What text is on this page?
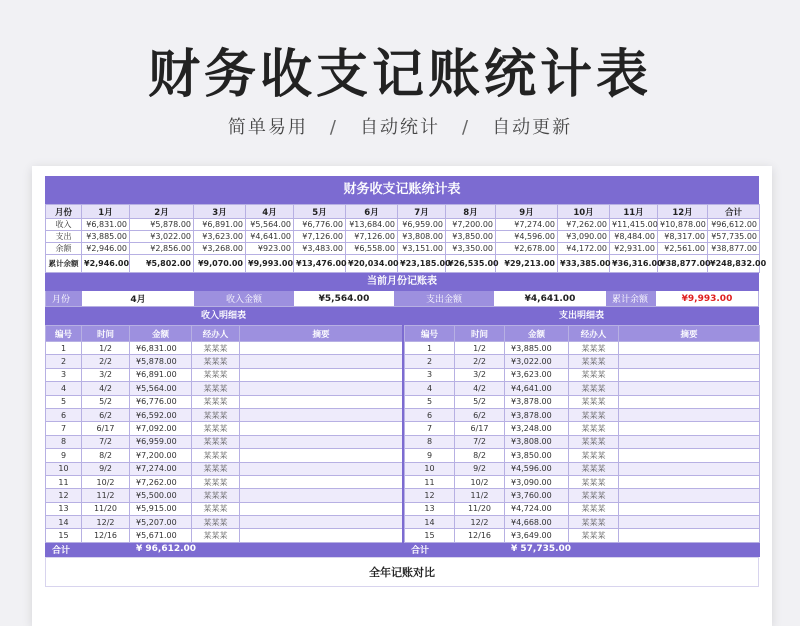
财务收支记账统计表
简单易用 / 自动统计 / 自动更新
财务收支记账统计表
月份	1月	2月	3月	4月	5月	6月	7月	8月	9月	10月	11月	12月	合计
收入	¥6,831.00	¥5,878.00	¥6,891.00	¥5,564.00	¥6,776.00	¥13,684.00	¥6,959.00	¥7,200.00	¥7,274.00	¥7,262.00	¥11,415.00	¥10,878.00	¥96,612.00
支出	¥3,885.00	¥3,022.00	¥3,623.00	¥4,641.00	¥7,126.00	¥7,126.00	¥3,808.00	¥3,850.00	¥4,596.00	¥3,090.00	¥8,484.00	¥8,317.00	¥57,735.00
余额	¥2,946.00	¥2,856.00	¥3,268.00	¥923.00	¥3,483.00	¥6,558.00	¥3,151.00	¥3,350.00	¥2,678.00	¥4,172.00	¥2,931.00	¥2,561.00	¥38,877.00
累计余额	¥2,946.00	¥5,802.00	¥9,070.00	¥9,993.00	¥13,476.00	¥20,034.00	¥23,185.00	¥26,535.00	¥29,213.00	¥33,385.00	¥36,316.00	¥38,877.00	¥248,832.00
当前月份记账表
月份	4月	收入金额	¥5,564.00	支出金额	¥4,641.00	累计余额	¥9,993.00
收入明细表
编号	时间	金额	经办人	摘要
1	1/2	¥6,831.00	某某某	
2	2/2	¥5,878.00	某某某	
3	3/2	¥6,891.00	某某某	
4	4/2	¥5,564.00	某某某	
5	5/2	¥6,776.00	某某某	
6	6/2	¥6,592.00	某某某	
7	6/17	¥7,092.00	某某某	
8	7/2	¥6,959.00	某某某	
9	8/2	¥7,200.00	某某某	
10	9/2	¥7,274.00	某某某	
11	10/2	¥7,262.00	某某某	
12	11/2	¥5,500.00	某某某	
13	11/20	¥5,915.00	某某某	
14	12/2	¥5,207.00	某某某	
15	12/16	¥5,671.00	某某某	
合计		¥ 96,612.00		
支出明细表
编号	时间	金额	经办人	摘要
1	1/2	¥3,885.00	某某某	
2	2/2	¥3,022.00	某某某	
3	3/2	¥3,623.00	某某某	
4	4/2	¥4,641.00	某某某	
5	5/2	¥3,878.00	某某某	
6	6/2	¥3,878.00	某某某	
7	6/17	¥3,248.00	某某某	
8	7/2	¥3,808.00	某某某	
9	8/2	¥3,850.00	某某某	
10	9/2	¥4,596.00	某某某	
11	10/2	¥3,090.00	某某某	
12	11/2	¥3,760.00	某某某	
13	11/20	¥4,724.00	某某某	
14	12/2	¥4,668.00	某某某	
15	12/16	¥3,649.00	某某某	
合计		¥ 57,735.00		
全年记账对比
